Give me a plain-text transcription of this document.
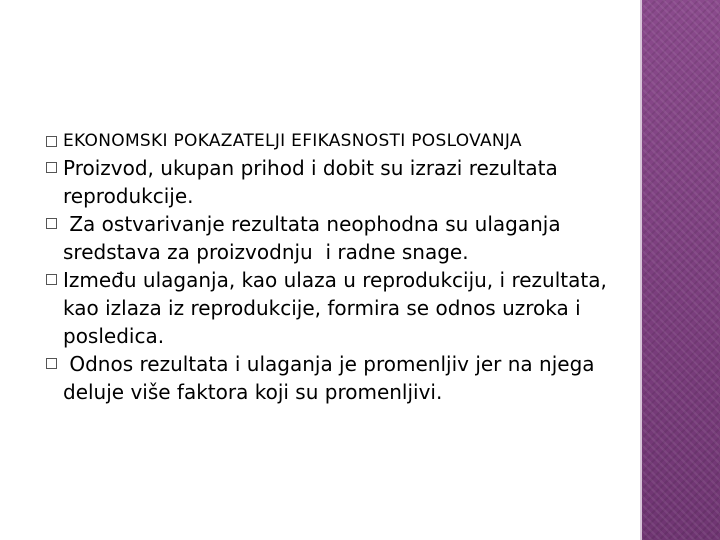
EKONOMSKI POKAZATELJI EFIKASNOSTI POSLOVANJA
Proizvod, ukupan prihod i dobit su izrazi rezultata reprodukcije.
Za ostvarivanje rezultata neophodna su ulaganja sredstava za proizvodnju  i radne snage.
Između ulaganja, kao ulaza u reprodukciju, i rezultata, kao izlaza iz reprodukcije, formira se odnos uzroka i posledica.
Odnos rezultata i ulaganja je promenljiv jer na njega deluje više faktora koji su promenljivi.
